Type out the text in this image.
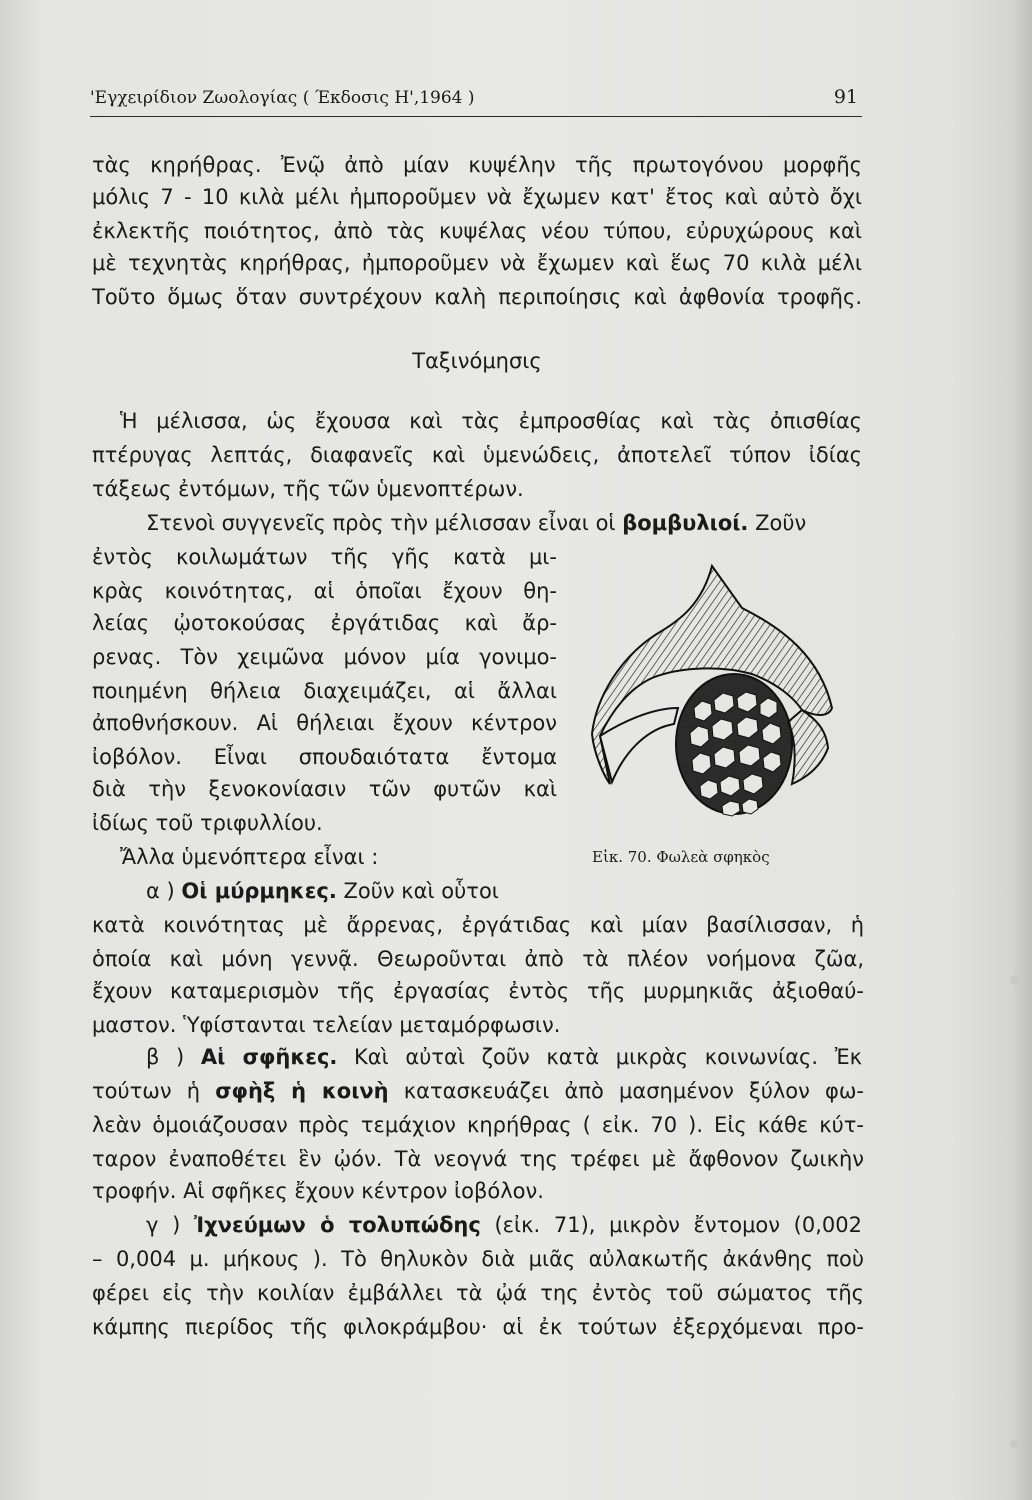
'Εγχειρίδιον Ζωολογίας ( Έκδοσις Η',1964 )	91
τὰς κηρήθρας. Ἐνῷ ἀπὸ μίαν κυψέλην τῆς πρωτογόνου μορφῆς
μόλις 7 - 10 κιλὰ μέλι ἠμποροῦμεν νὰ ἔχωμεν κατ' ἔτος καὶ αὐτὸ ὄχι
ἐκλεκτῆς ποιότητος, ἀπὸ τὰς κυψέλας νέου τύπου, εὐρυχώρους καὶ
μὲ τεχνητὰς κηρήθρας, ἠμποροῦμεν νὰ ἔχωμεν καὶ ἕως 70 κιλὰ μέλι
Τοῦτο ὅμως ὅταν συντρέχουν καλὴ περιποίησις καὶ ἀφθονία τροφῆς.
Ταξινόμησις
Ἡ μέλισσα, ὡς ἔχουσα καὶ τὰς ἐμπροσθίας καὶ τὰς ὀπισθίας
πτέρυγας λεπτάς, διαφανεῖς καὶ ὑμενώδεις, ἀποτελεῖ τύπον ἰδίας
τάξεως ἐντόμων, τῆς τῶν ὑμενοπτέρων.
Στενοὶ συγγενεῖς πρὸς τὴν μέλισσαν εἶναι οἱ βομβυλιοί. Ζοῦν
ἐντὸς κοιλωμάτων τῆς γῆς κατὰ μι-
κρὰς κοινότητας, αἱ ὁποῖαι ἔχουν θη-
λείας ᾠοτοκούσας ἐργάτιδας καὶ ἄρ-
ρενας. Τὸν χειμῶνα μόνον μία γονιμο-
ποιημένη θήλεια διαχειμάζει, αἱ ἄλλαι
ἀποθνήσκουν. Αἱ θήλειαι ἔχουν κέντρον
ἰοβόλον. Εἶναι σπουδαιότατα ἔντομα
διὰ τὴν ξενοκονίασιν τῶν φυτῶν καὶ
ἰδίως τοῦ τριφυλλίου.
Ἄλλα ὑμενόπτερα εἶναι :
α ) Οἱ μύρμηκες. Ζοῦν καὶ οὗτοι
Εἰκ. 70. Φωλεὰ σφηκὸς
κατὰ κοινότητας μὲ ἄρρενας, ἐργάτιδας καὶ μίαν βασίλισσαν, ἡ
ὁποία καὶ μόνη γεννᾷ. Θεωροῦνται ἀπὸ τὰ πλέον νοήμονα ζῶα,
ἔχουν καταμερισμὸν τῆς ἐργασίας ἐντὸς τῆς μυρμηκιᾶς ἀξιοθαύ-
μαστον. Ὑφίστανται τελείαν μεταμόρφωσιν.
β ) Αἱ σφῆκες. Καὶ αὐταὶ ζοῦν κατὰ μικρὰς κοινωνίας. Ἐκ
τούτων ἡ σφὴξ ἡ κοινὴ κατασκευάζει ἀπὸ μασημένον ξύλον φω-
λεὰν ὁμοιάζουσαν πρὸς τεμάχιον κηρήθρας ( εἰκ. 70 ). Εἰς κάθε κύτ-
ταρον ἐναποθέτει ἓν ᾠόν. Τὰ νεογνά της τρέφει μὲ ἄφθονον ζωικὴν
τροφήν. Αἱ σφῆκες ἔχουν κέντρον ἰοβόλον.
γ ) Ἰχνεύμων ὁ τολυπώδης (εἰκ. 71), μικρὸν ἔντομον (0,002
– 0,004 μ. μήκους ). Τὸ θηλυκὸν διὰ μιᾶς αὐλακωτῆς ἀκάνθης ποὺ
φέρει εἰς τὴν κοιλίαν ἐμβάλλει τὰ ᾠά της ἐντὸς τοῦ σώματος τῆς
κάμπης πιερίδος τῆς φιλοκράμβου· αἱ ἐκ τούτων ἐξερχόμεναι προ-
